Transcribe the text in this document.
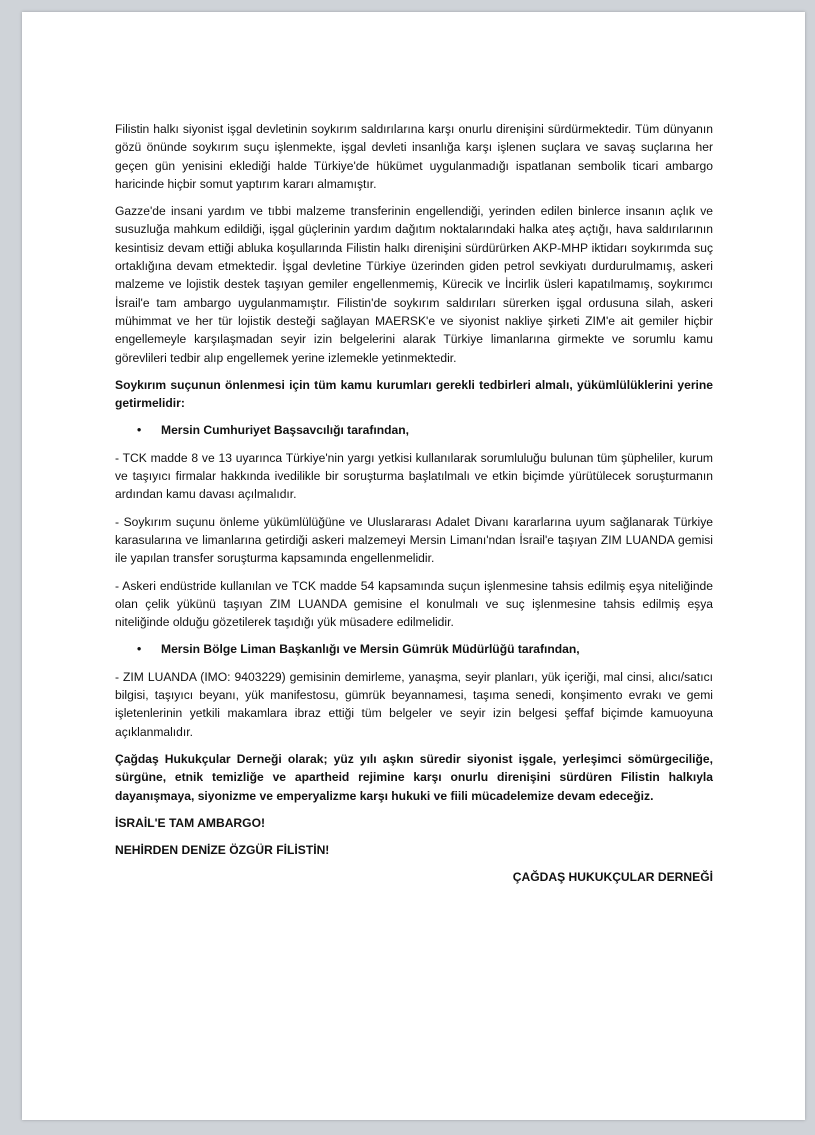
Filistin halkı siyonist işgal devletinin soykırım saldırılarına karşı onurlu direnişini sürdürmektedir. Tüm dünyanın gözü önünde soykırım suçu işlenmekte, işgal devleti insanlığa karşı işlenen suçlara ve savaş suçlarına her geçen gün yenisini eklediği halde Türkiye'de hükümet uygulanmadığı ispatlanan sembolik ticari ambargo haricinde hiçbir somut yaptırım kararı almamıştır.

Gazze'de insani yardım ve tıbbi malzeme transferinin engellendiği, yerinden edilen binlerce insanın açlık ve susuzluğa mahkum edildiği, işgal güçlerinin yardım dağıtım noktalarındaki halka ateş açtığı, hava saldırılarının kesintisiz devam ettiği abluka koşullarında Filistin halkı direnişini sürdürürken AKP-MHP iktidarı soykırımda suç ortaklığına devam etmektedir. İşgal devletine Türkiye üzerinden giden petrol sevkiyatı durdurulmamış, askeri malzeme ve lojistik destek taşıyan gemiler engellenmemiş, Kürecik ve İncirlik üsleri kapatılmamış, soykırımcı İsrail'e tam ambargo uygulanmamıştır. Filistin'de soykırım saldırıları sürerken işgal ordusuna silah, askeri mühimmat ve her tür lojistik desteği sağlayan MAERSK'e ve siyonist nakliye şirketi ZIM'e ait gemiler hiçbir engellemeyle karşılaşmadan seyir izin belgelerini alarak Türkiye limanlarına girmekte ve sorumlu kamu görevlileri tedbir alıp engellemek yerine izlemekle yetinmektedir.

Soykırım suçunun önlenmesi için tüm kamu kurumları gerekli tedbirleri almalı, yükümlülüklerini yerine getirmelidir:

• Mersin Cumhuriyet Başsavcılığı tarafından,

- TCK madde 8 ve 13 uyarınca Türkiye'nin yargı yetkisi kullanılarak sorumluluğu bulunan tüm şüpheliler, kurum ve taşıyıcı firmalar hakkında ivedilikle bir soruşturma başlatılmalı ve etkin biçimde yürütülecek soruşturmanın ardından kamu davası açılmalıdır.

- Soykırım suçunu önleme yükümlülüğüne ve Uluslararası Adalet Divanı kararlarına uyum sağlanarak Türkiye karasularına ve limanlarına getirdiği askeri malzemeyi Mersin Limanı'ndan İsrail'e taşıyan ZIM LUANDA gemisi ile yapılan transfer soruşturma kapsamında engellenmelidir.

- Askeri endüstride kullanılan ve TCK madde 54 kapsamında suçun işlenmesine tahsis edilmiş eşya niteliğinde olan çelik yükünü taşıyan ZIM LUANDA gemisine el konulmalı ve suç işlenmesine tahsis edilmiş eşya niteliğinde olduğu gözetilerek taşıdığı yük müsadere edilmelidir.

• Mersin Bölge Liman Başkanlığı ve Mersin Gümrük Müdürlüğü tarafından,

- ZIM LUANDA (IMO: 9403229) gemisinin demirleme, yanaşma, seyir planları, yük içeriği, mal cinsi, alıcı/satıcı bilgisi, taşıyıcı beyanı, yük manifestosu, gümrük beyannamesi, taşıma senedi, konşimento evrakı ve gemi işletenlerinin yetkili makamlara ibraz ettiği tüm belgeler ve seyir izin belgesi şeffaf biçimde kamuoyuna açıklanmalıdır.

Çağdaş Hukukçular Derneği olarak; yüz yılı aşkın süredir siyonist işgale, yerleşimci sömürgeciliğe, sürgüne, etnik temizliğe ve apartheid rejimine karşı onurlu direnişini sürdüren Filistin halkıyla dayanışmaya, siyonizme ve emperyalizme karşı hukuki ve fiili mücadelemize devam edeceğiz.

İSRAİL'E TAM AMBARGO!

NEHİRDEN DENİZE ÖZGÜR FİLİSTİN!

ÇAĞDAŞ HUKUKÇULAR DERNEĞİ
